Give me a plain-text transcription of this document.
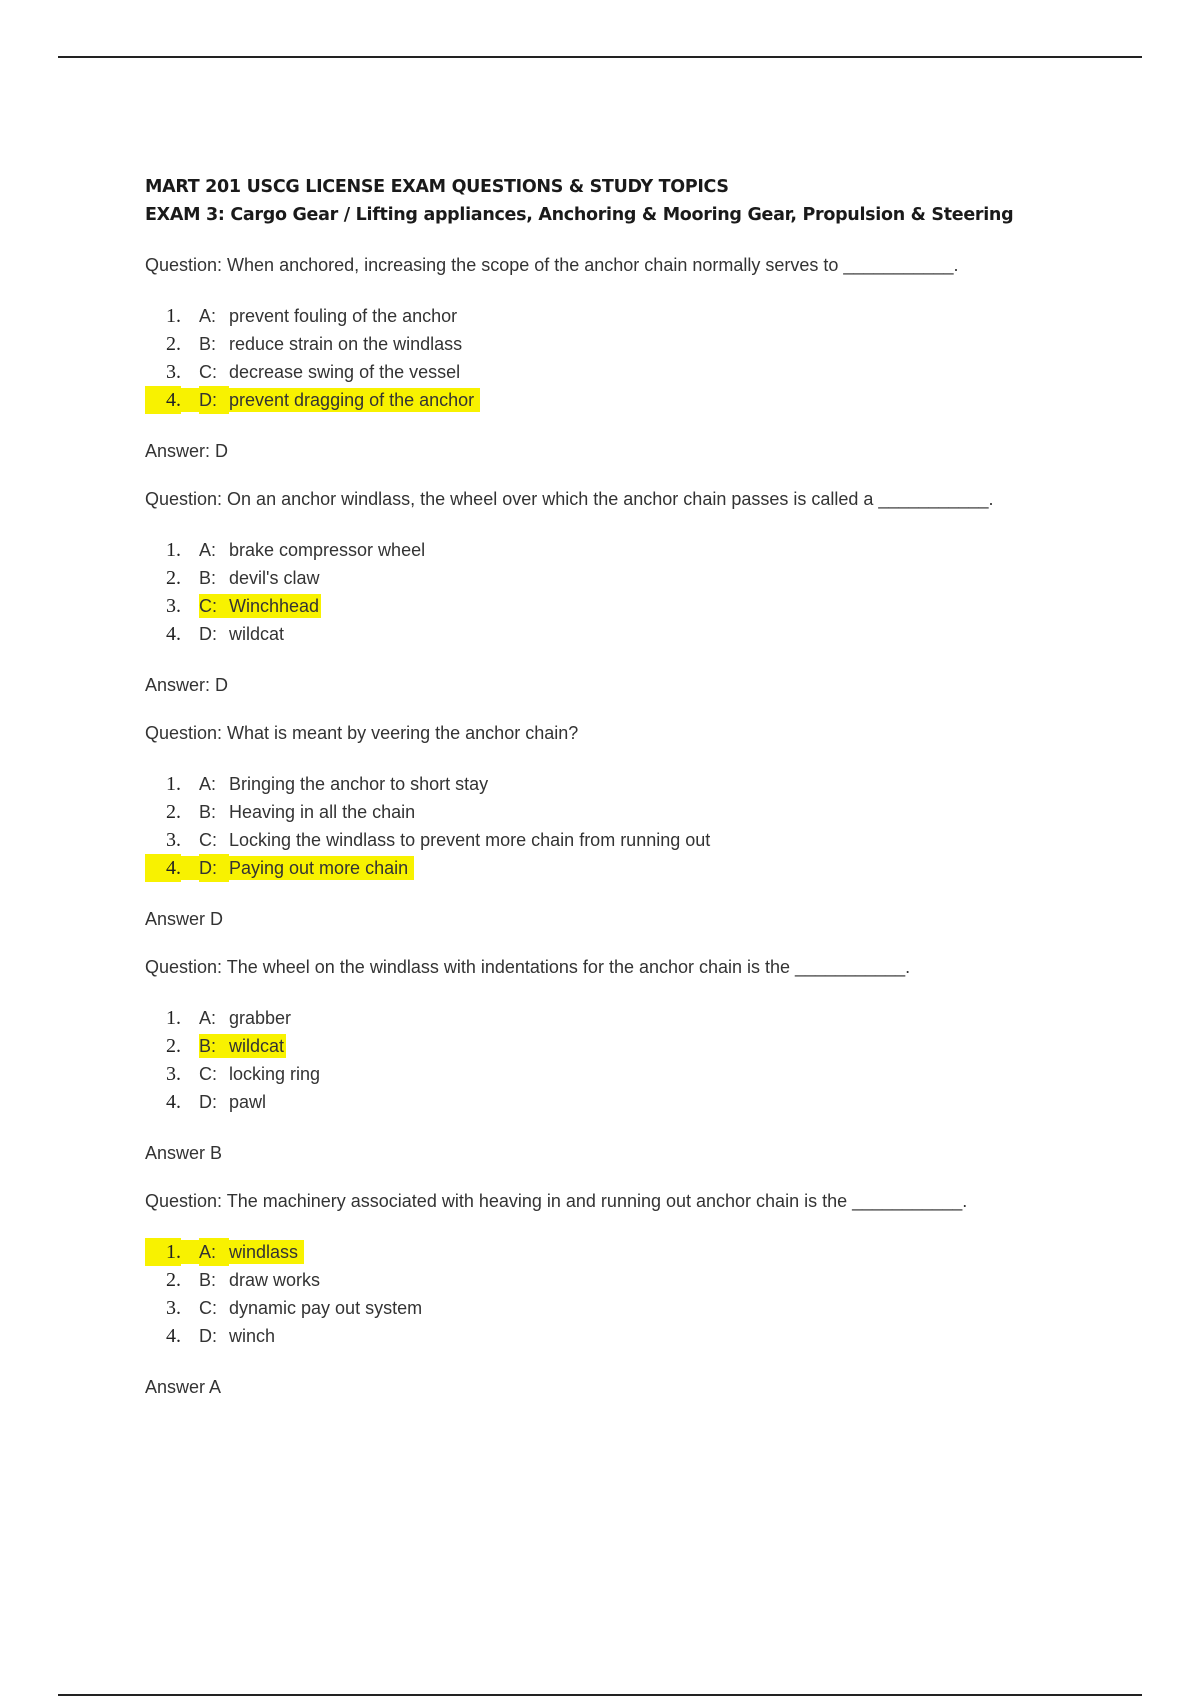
MART 201 USCG LICENSE EXAM QUESTIONS & STUDY TOPICS
EXAM 3: Cargo Gear / Lifting appliances, Anchoring & Mooring Gear, Propulsion & Steering
Question: When anchored, increasing the scope of the anchor chain normally serves to ___________.
1. A: prevent fouling of the anchor
2. B: reduce strain on the windlass
3. C: decrease swing of the vessel
4. D: prevent dragging of the anchor
Answer: D
Question: On an anchor windlass, the wheel over which the anchor chain passes is called a ___________.
1. A: brake compressor wheel
2. B: devil's claw
3. C: Winchhead
4. D: wildcat
Answer: D
Question: What is meant by veering the anchor chain?
1. A: Bringing the anchor to short stay
2. B: Heaving in all the chain
3. C: Locking the windlass to prevent more chain from running out
4. D: Paying out more chain
Answer D
Question: The wheel on the windlass with indentations for the anchor chain is the ___________.
1. A: grabber
2. B: wildcat
3. C: locking ring
4. D: pawl
Answer B
Question: The machinery associated with heaving in and running out anchor chain is the ___________.
1. A: windlass
2. B: draw works
3. C: dynamic pay out system
4. D: winch
Answer A
